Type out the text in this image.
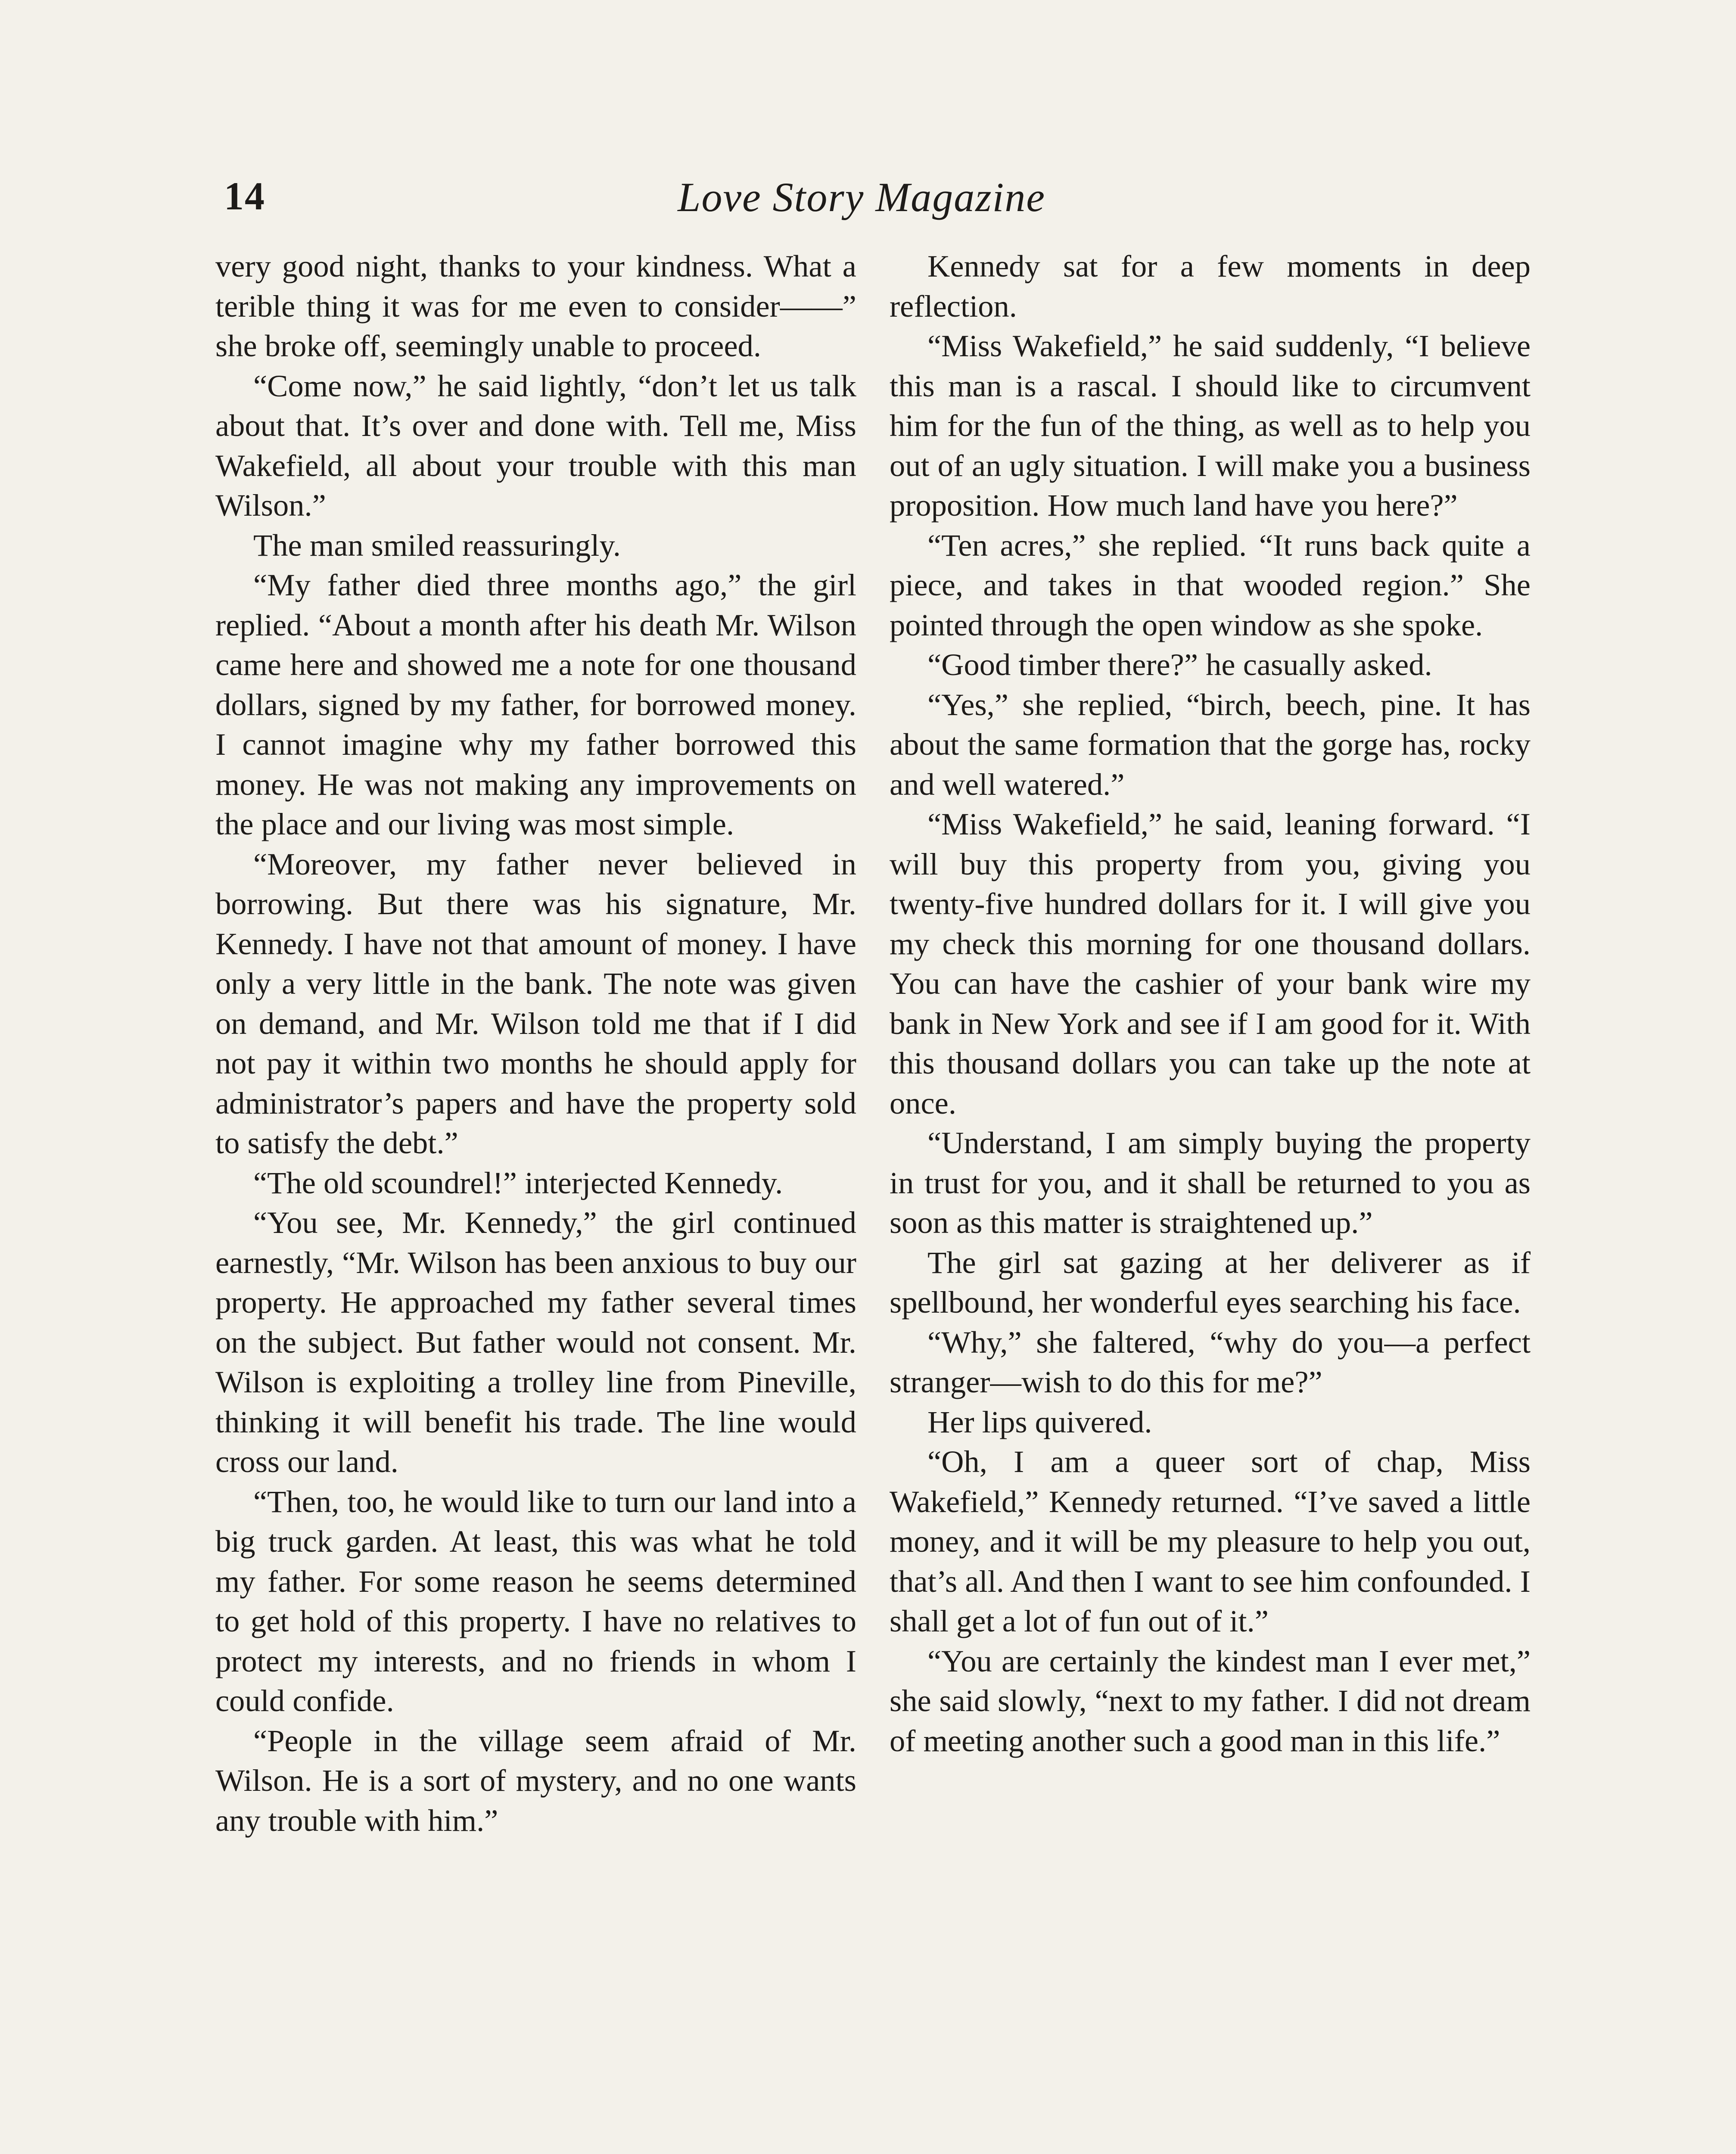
14	Love Story Magazine

very good night, thanks to your kindness. What a terible thing it was for me even to consider——” she broke off, seemingly unable to proceed.

“Come now,” he said lightly, “don’t let us talk about that. It’s over and done with. Tell me, Miss Wakefield, all about your trouble with this man Wilson.”

The man smiled reassuringly.

“My father died three months ago,” the girl replied. “About a month after his death Mr. Wilson came here and showed me a note for one thousand dollars, signed by my father, for borrowed money. I cannot imagine why my father borrowed this money. He was not making any improvements on the place and our living was most simple.

“Moreover, my father never believed in borrowing. But there was his signature, Mr. Kennedy. I have not that amount of money. I have only a very little in the bank. The note was given on demand, and Mr. Wilson told me that if I did not pay it within two months he should apply for administrator’s papers and have the property sold to satisfy the debt.”

“The old scoundrel!” interjected Kennedy.

“You see, Mr. Kennedy,” the girl continued earnestly, “Mr. Wilson has been anxious to buy our property. He approached my father several times on the subject. But father would not consent. Mr. Wilson is exploiting a trolley line from Pineville, thinking it will benefit his trade. The line would cross our land.

“Then, too, he would like to turn our land into a big truck garden. At least, this was what he told my father. For some reason he seems determined to get hold of this property. I have no relatives to protect my interests, and no friends in whom I could confide.

“People in the village seem afraid of Mr. Wilson. He is a sort of mystery, and no one wants any trouble with him.”

Kennedy sat for a few moments in deep reflection.

“Miss Wakefield,” he said suddenly, “I believe this man is a rascal. I should like to circumvent him for the fun of the thing, as well as to help you out of an ugly situation. I will make you a business proposition. How much land have you here?”

“Ten acres,” she replied. “It runs back quite a piece, and takes in that wooded region.” She pointed through the open window as she spoke.

“Good timber there?” he casually asked.

“Yes,” she replied, “birch, beech, pine. It has about the same formation that the gorge has, rocky and well watered.”

“Miss Wakefield,” he said, leaning forward. “I will buy this property from you, giving you twenty-five hundred dollars for it. I will give you my check this morning for one thousand dollars. You can have the cashier of your bank wire my bank in New York and see if I am good for it. With this thousand dollars you can take up the note at once.

“Understand, I am simply buying the property in trust for you, and it shall be returned to you as soon as this matter is straightened up.”

The girl sat gazing at her deliverer as if spellbound, her wonderful eyes searching his face.

“Why,” she faltered, “why do you—a perfect stranger—wish to do this for me?”

Her lips quivered.

“Oh, I am a queer sort of chap, Miss Wakefield,” Kennedy returned. “I’ve saved a little money, and it will be my pleasure to help you out, that’s all. And then I want to see him confounded. I shall get a lot of fun out of it.”

“You are certainly the kindest man I ever met,” she said slowly, “next to my father. I did not dream of meeting another such a good man in this life.”
